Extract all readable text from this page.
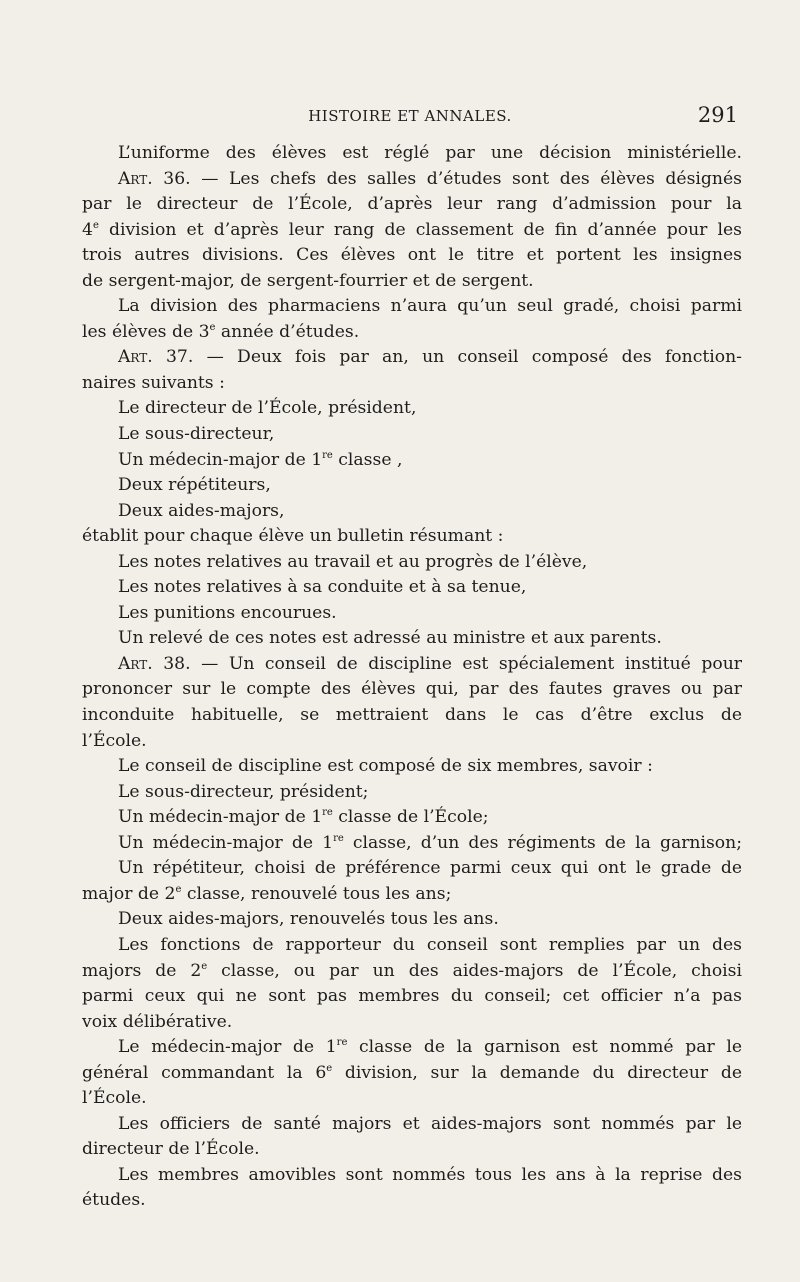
HISTOIRE ET ANNALES.	291
L’uniforme des élèves est réglé par une décision ministérielle.
Art. 36. — Les chefs des salles d’études sont des élèves désignés
par le directeur de l’École, d’après leur rang d’admission pour la
4e division et d’après leur rang de classement de fin d’année pour les
trois autres divisions. Ces élèves ont le titre et portent les insignes
de sergent-major, de sergent-fourrier et de sergent.
La division des pharmaciens n’aura qu’un seul gradé, choisi parmi
les élèves de 3e année d’études.
Art. 37. — Deux fois par an, un conseil composé des fonction-
naires suivants :
Le directeur de l’École, président,
Le sous-directeur,
Un médecin-major de 1re classe ,
Deux répétiteurs,
Deux aides-majors,
établit pour chaque élève un bulletin résumant :
Les notes relatives au travail et au progrès de l’élève,
Les notes relatives à sa conduite et à sa tenue,
Les punitions encourues.
Un relevé de ces notes est adressé au ministre et aux parents.
Art. 38. — Un conseil de discipline est spécialement institué pour
prononcer sur le compte des élèves qui, par des fautes graves ou par
inconduite habituelle, se mettraient dans le cas d’être exclus de
l’École.
Le conseil de discipline est composé de six membres, savoir :
Le sous-directeur, président;
Un médecin-major de 1re classe de l’École;
Un médecin-major de 1re classe, d’un des régiments de la garnison;
Un répétiteur, choisi de préférence parmi ceux qui ont le grade de
major de 2e classe, renouvelé tous les ans;
Deux aides-majors, renouvelés tous les ans.
Les fonctions de rapporteur du conseil sont remplies par un des
majors de 2e classe, ou par un des aides-majors de l’École, choisi
parmi ceux qui ne sont pas membres du conseil; cet officier n’a pas
voix délibérative.
Le médecin-major de 1re classe de la garnison est nommé par le
général commandant la 6e division, sur la demande du directeur de
l’École.
Les officiers de santé majors et aides-majors sont nommés par le
directeur de l’École.
Les membres amovibles sont nommés tous les ans à la reprise des
études.
